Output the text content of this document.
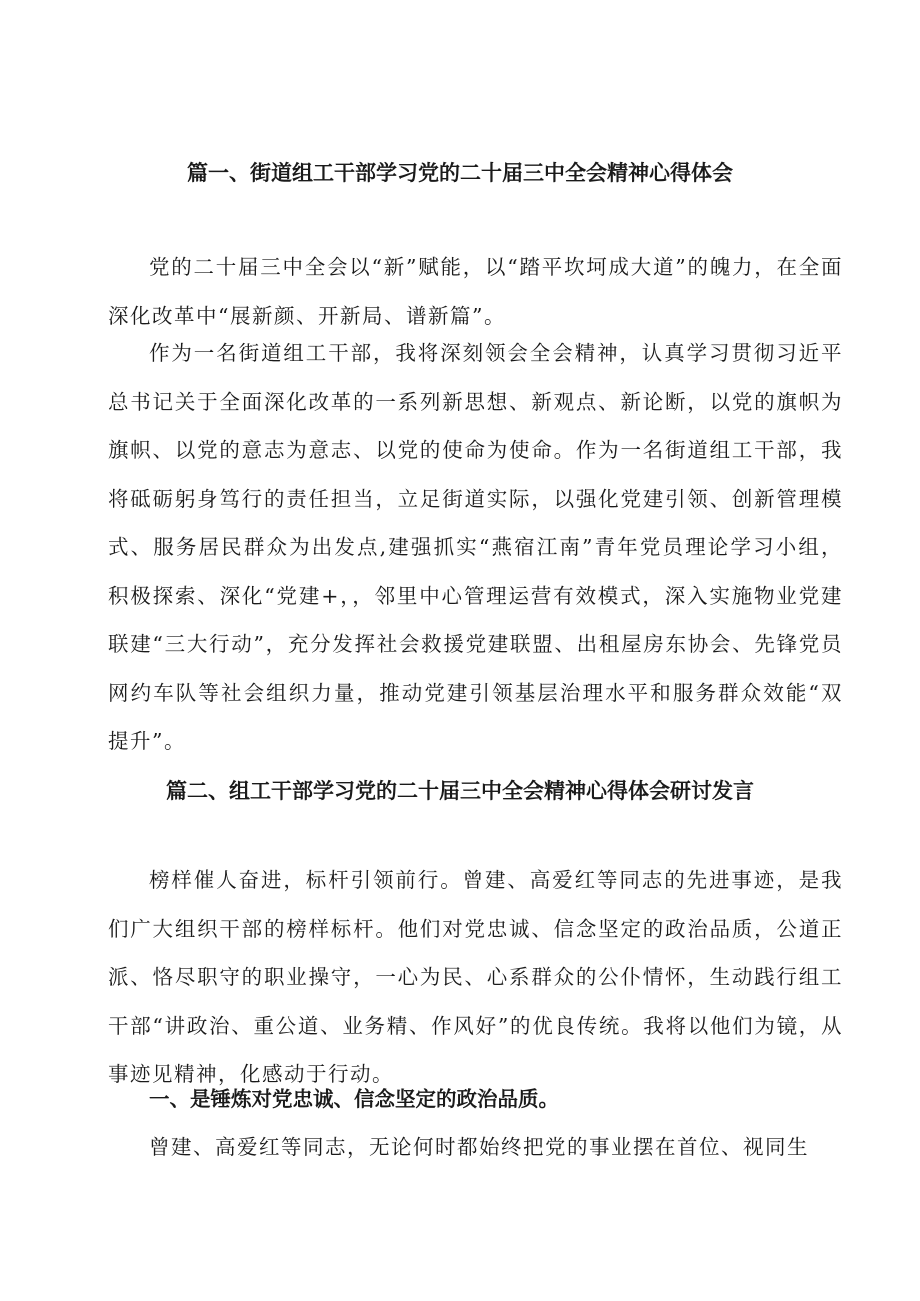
篇一、街道组工干部学习党的二十届三中全会精神心得体会

党的二十届三中全会以“新”赋能，以“踏平坎坷成大道”的魄力，在全面深化改革中“展新颜、开新局、谱新篇”。

作为一名街道组工干部，我将深刻领会全会精神，认真学习贯彻习近平总书记关于全面深化改革的一系列新思想、新观点、新论断，以党的旗帜为旗帜、以党的意志为意志、以党的使命为使命。作为一名街道组工干部，我将砥砺躬身笃行的责任担当，立足街道实际，以强化党建引领、创新管理模式、服务居民群众为出发点,建强抓实“燕宿江南”青年党员理论学习小组，积极探索、深化“党建+，，邻里中心管理运营有效模式，深入实施物业党建联建“三大行动”，充分发挥社会救援党建联盟、出租屋房东协会、先锋党员网约车队等社会组织力量，推动党建引领基层治理水平和服务群众效能“双提升”。

篇二、组工干部学习党的二十届三中全会精神心得体会研讨发言

榜样催人奋进，标杆引领前行。曾建、高爱红等同志的先进事迹，是我们广大组织干部的榜样标杆。他们对党忠诚、信念坚定的政治品质，公道正派、恪尽职守的职业操守，一心为民、心系群众的公仆情怀，生动践行组工干部“讲政治、重公道、业务精、作风好”的优良传统。我将以他们为镜，从事迹见精神，化感动于行动。

一、是锤炼对党忠诚、信念坚定的政治品质。

曾建、高爱红等同志，无论何时都始终把党的事业摆在首位、视同生
